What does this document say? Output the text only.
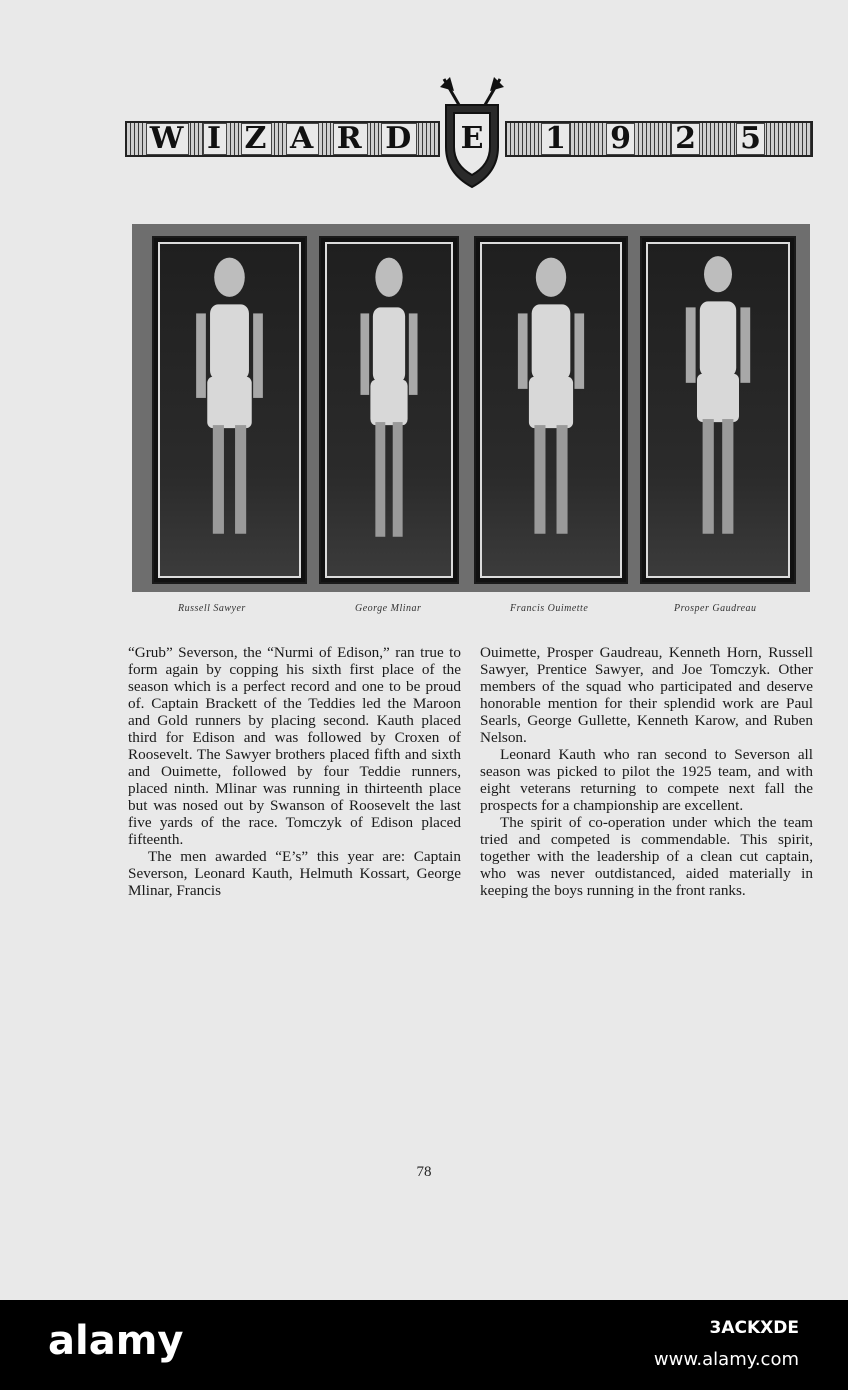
W I Z A R D	E	1 9 2 5
Russell Sawyer	George Mlinar	Francis Ouimette	Prosper Gaudreau

“Grub” Severson, the “Nurmi of Edison,” ran true to form again by copping his sixth first place of the season which is a perfect record and one to be proud of. Captain Brackett of the Teddies led the Maroon and Gold runners by placing second. Kauth placed third for Edison and was followed by Croxen of Roosevelt. The Sawyer brothers placed fifth and sixth and Ouimette, followed by four Teddie runners, placed ninth. Mlinar was running in thirteenth place but was nosed out by Swanson of Roosevelt the last five yards of the race. Tomczyk of Edison placed fifteenth.

The men awarded “E’s” this year are: Captain Severson, Leonard Kauth, Helmuth Kossart, George Mlinar, Francis

Ouimette, Prosper Gaudreau, Kenneth Horn, Russell Sawyer, Prentice Sawyer, and Joe Tomczyk. Other members of the squad who participated and deserve honorable mention for their splendid work are Paul Searls, George Gullette, Kenneth Karow, and Ruben Nelson.

Leonard Kauth who ran second to Severson all season was picked to pilot the 1925 team, and with eight veterans returning to compete next fall the prospects for a championship are excellent.

The spirit of co-operation under which the team tried and competed is commendable. This spirit, together with the leadership of a clean cut captain, who was never outdistanced, aided materially in keeping the boys running in the front ranks.

78
alamy	3ACKXDE
www.alamy.com
